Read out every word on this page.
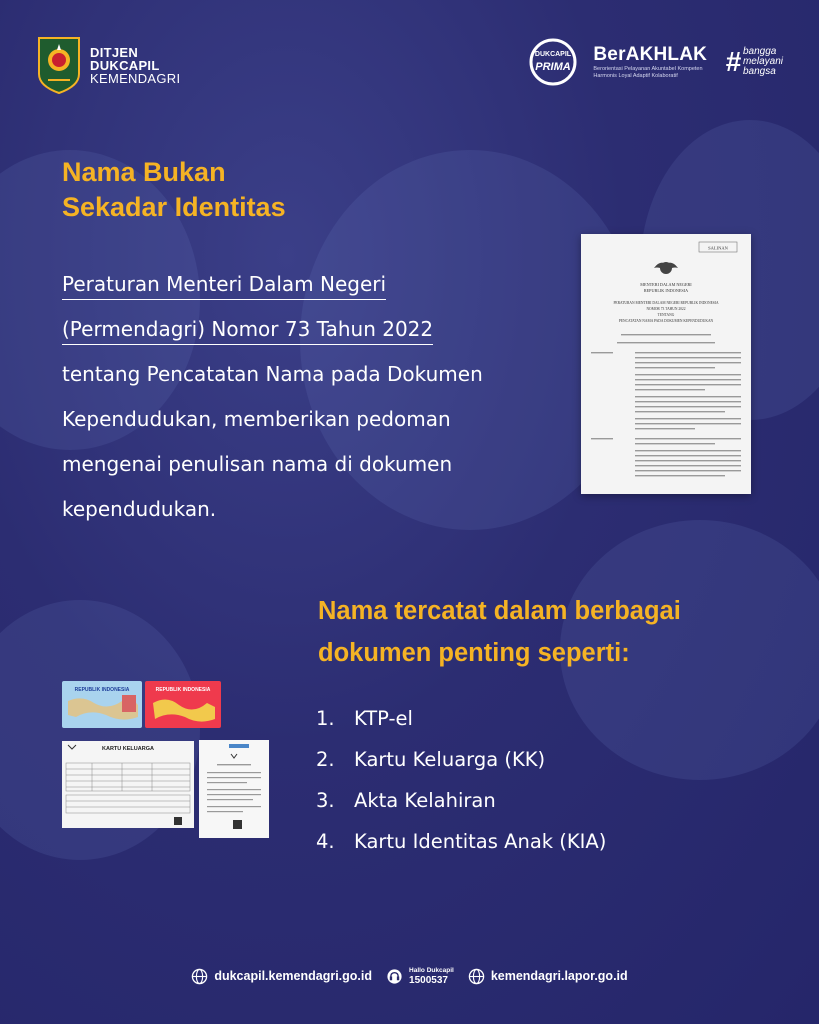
DITJEN
DUKCAPIL
KEMENDAGRI
DUKCAPIL
PRIMA
BerAKHLAK
Berorientasi Pelayanan Akuntabel Kompeten Harmonis Loyal Adaptif Kolaboratif	# bangga
melayani
bangsa
Nama Bukan
Sekadar Identitas
Peraturan Menteri Dalam Negeri
(Permendagri) Nomor 73 Tahun 2022
tentang Pencatatan Nama pada Dokumen
Kependudukan, memberikan pedoman
mengenai penulisan nama di dokumen
kependudukan.
SALINAN
MENTERI DALAM NEGERI
REPUBLIK INDONESIA
PERATURAN MENTERI DALAM NEGERI REPUBLIK INDONESIA
NOMOR 73 TAHUN 2022
TENTANG
PENCATATAN NAMA PADA DOKUMEN KEPENDUDUKAN
Nama tercatat dalam berbagai
dokumen penting seperti:
1. KTP-el
2. Kartu Keluarga (KK)
3. Akta Kelahiran
4. Kartu Identitas Anak (KIA)
REPUBLIK INDONESIA	REPUBLIK INDONESIA
KARTU KELUARGA
dukcapil.kemendagri.go.id	Hallo Dukcapil
1500537	kemendagri.lapor.go.id
